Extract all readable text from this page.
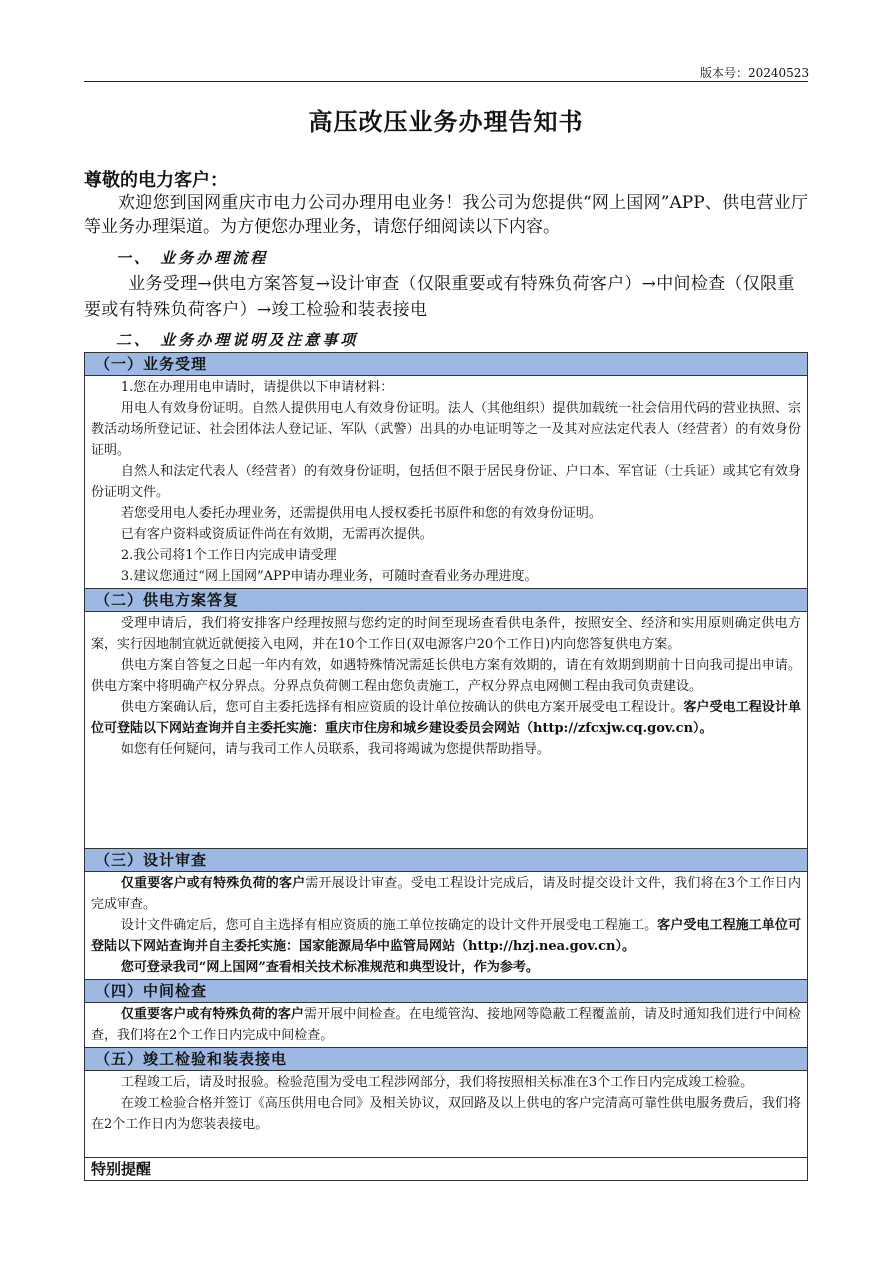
版本号：20240523
高压改压业务办理告知书
尊敬的电力客户：
欢迎您到国网重庆市电力公司办理用电业务！我公司为您提供“网上国网”APP、供电营业厅等业务办理渠道。为方便您办理业务，请您仔细阅读以下内容。
一、 业务办理流程
业务受理→供电方案答复→设计审查（仅限重要或有特殊负荷客户）→中间检查（仅限重要或有特殊负荷客户）→竣工检验和装表接电
二、 业务办理说明及注意事项
（一）业务受理

1.您在办理用电申请时，请提供以下申请材料：

用电人有效身份证明。自然人提供用电人有效身份证明。法人（其他组织）提供加载统一社会信用代码的营业执照、宗教活动场所登记证、社会团体法人登记证、军队（武警）出具的办电证明等之一及其对应法定代表人（经营者）的有效身份证明。

自然人和法定代表人（经营者）的有效身份证明，包括但不限于居民身份证、户口本、军官证（士兵证）或其它有效身份证明文件。

若您受用电人委托办理业务，还需提供用电人授权委托书原件和您的有效身份证明。

已有客户资料或资质证件尚在有效期，无需再次提供。

2.我公司将1个工作日内完成申请受理

3.建议您通过“网上国网”APP申请办理业务，可随时查看业务办理进度。

（二）供电方案答复

受理申请后，我们将安排客户经理按照与您约定的时间至现场查看供电条件，按照安全、经济和实用原则确定供电方案，实行因地制宜就近就便接入电网，并在10个工作日(双电源客户20个工作日)内向您答复供电方案。

供电方案自答复之日起一年内有效，如遇特殊情况需延长供电方案有效期的，请在有效期到期前十日向我司提出申请。供电方案中将明确产权分界点。分界点负荷侧工程由您负责施工，产权分界点电网侧工程由我司负责建设。

供电方案确认后，您可自主委托选择有相应资质的设计单位按确认的供电方案开展受电工程设计。客户受电工程设计单位可登陆以下网站查询并自主委托实施：重庆市住房和城乡建设委员会网站（http://zfcxjw.cq.gov.cn）。

如您有任何疑问，请与我司工作人员联系，我司将竭诚为您提供帮助指导。

（三）设计审查

仅重要客户或有特殊负荷的客户需开展设计审查。受电工程设计完成后，请及时提交设计文件，我们将在3个工作日内完成审查。

设计文件确定后，您可自主选择有相应资质的施工单位按确定的设计文件开展受电工程施工。客户受电工程施工单位可登陆以下网站查询并自主委托实施：国家能源局华中监管局网站（http://hzj.nea.gov.cn）。

您可登录我司“网上国网”查看相关技术标准规范和典型设计，作为参考。

（四）中间检查

仅重要客户或有特殊负荷的客户需开展中间检查。在电缆管沟、接地网等隐蔽工程覆盖前，请及时通知我们进行中间检查，我们将在2个工作日内完成中间检查。

（五）竣工检验和装表接电

工程竣工后，请及时报验。检验范围为受电工程涉网部分，我们将按照相关标准在3个工作日内完成竣工检验。

在竣工检验合格并签订《高压供用电合同》及相关协议，双回路及以上供电的客户完清高可靠性供电服务费后，我们将在2个工作日内为您装表接电。

特别提醒
